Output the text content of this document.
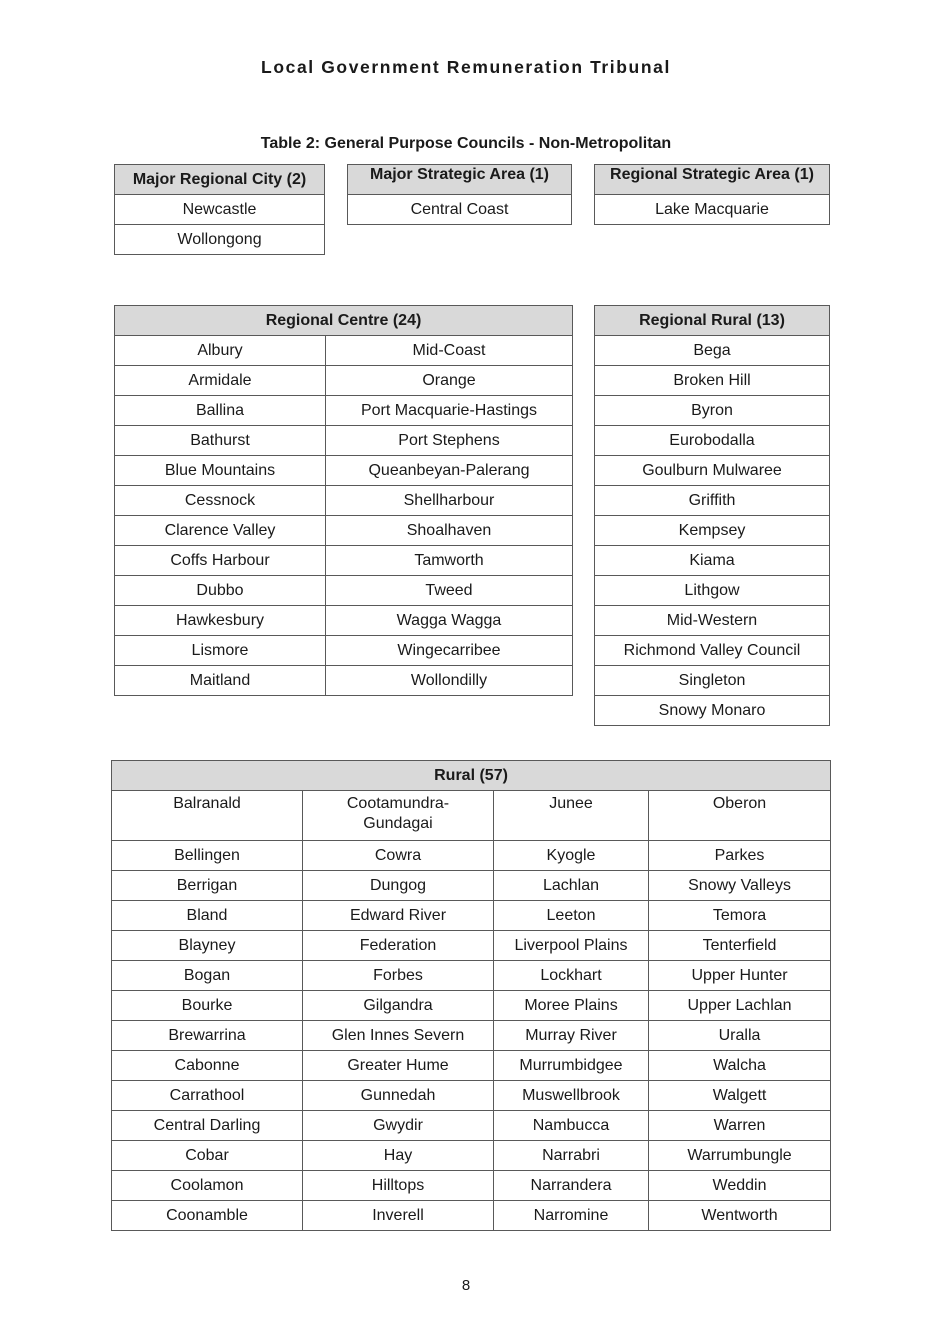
Local Government Remuneration Tribunal
Table 2: General Purpose Councils - Non-Metropolitan
Major Regional City (2)
Newcastle
Wollongong
Major Strategic Area (1)
Central Coast
Regional Strategic Area (1)
Lake Macquarie
Regional Centre (24)	
Albury	Mid-Coast
Armidale	Orange
Ballina	Port Macquarie-Hastings
Bathurst	Port Stephens
Blue Mountains	Queanbeyan-Palerang
Cessnock	Shellharbour
Clarence Valley	Shoalhaven
Coffs Harbour	Tamworth
Dubbo	Tweed
Hawkesbury	Wagga Wagga
Lismore	Wingecarribee
Maitland	Wollondilly
Regional Rural (13)
Bega
Broken Hill
Byron
Eurobodalla
Goulburn Mulwaree
Griffith
Kempsey
Kiama
Lithgow
Mid-Western
Richmond Valley Council
Singleton
Snowy Monaro
Rural (57)			
Balranald	Cootamundra-Gundagai	Junee	Oberon
Bellingen	Cowra	Kyogle	Parkes
Berrigan	Dungog	Lachlan	Snowy Valleys
Bland	Edward River	Leeton	Temora
Blayney	Federation	Liverpool Plains	Tenterfield
Bogan	Forbes	Lockhart	Upper Hunter
Bourke	Gilgandra	Moree Plains	Upper Lachlan
Brewarrina	Glen Innes Severn	Murray River	Uralla
Cabonne	Greater Hume	Murrumbidgee	Walcha
Carrathool	Gunnedah	Muswellbrook	Walgett
Central Darling	Gwydir	Nambucca	Warren
Cobar	Hay	Narrabri	Warrumbungle
Coolamon	Hilltops	Narrandera	Weddin
Coonamble	Inverell	Narromine	Wentworth
8
